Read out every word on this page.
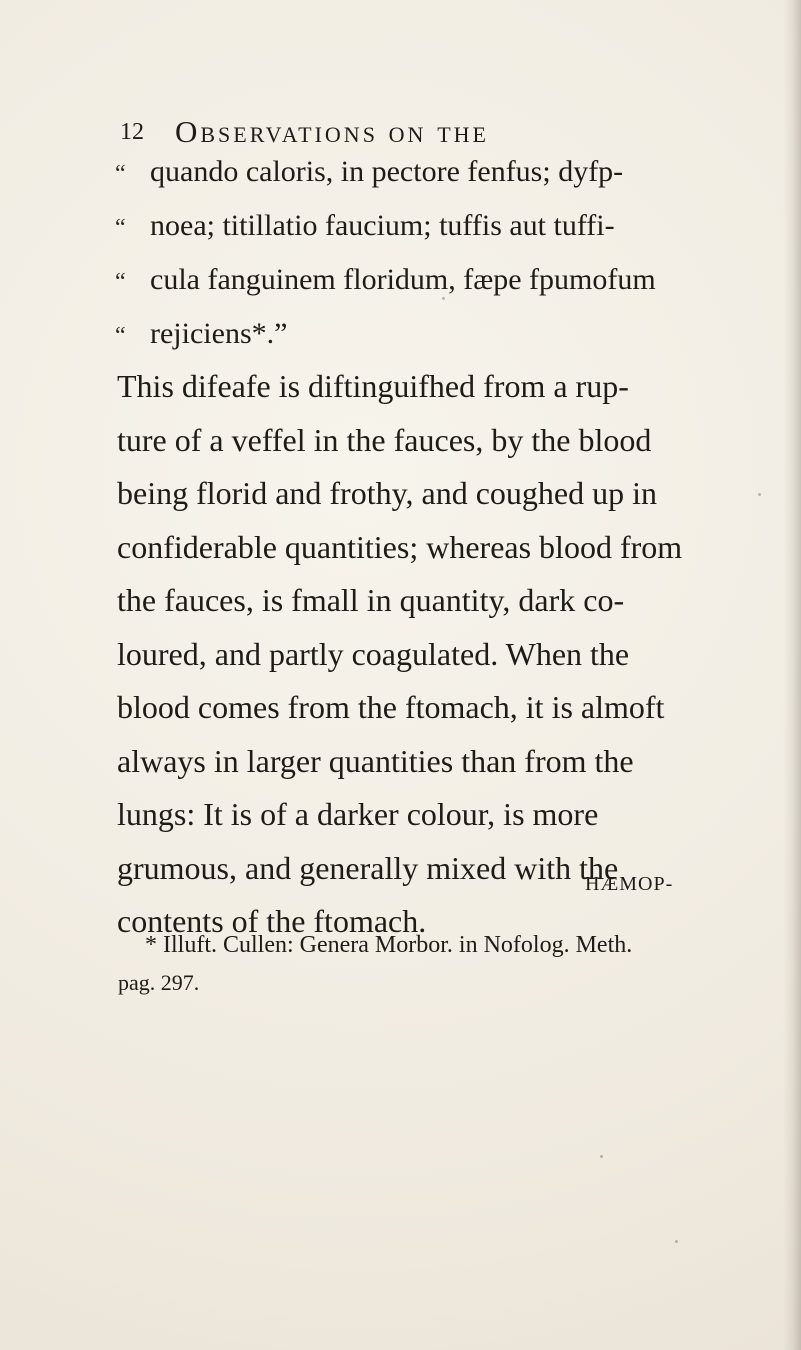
12	Observations on the
“ quando caloris, in pectore fenfus; dyfp-
“ noea; titillatio faucium; tuffis aut tuffi-
“ cula fanguinem floridum, fæpe fpumofum
“ rejiciens*.”
This difeafe is diftinguifhed from a rup-
ture of a veffel in the fauces, by the blood
being florid and frothy, and coughed up in
confiderable quantities; whereas blood from
the fauces, is fmall in quantity, dark co-
loured, and partly coagulated. When the
blood comes from the ftomach, it is almoft
always in larger quantities than from the
lungs: It is of a darker colour, is more
grumous, and generally mixed with the
contents of the ftomach.
HÆMOP-
* Illuft. Cullen: Genera Morbor. in Nofolog. Meth.
pag. 297.
